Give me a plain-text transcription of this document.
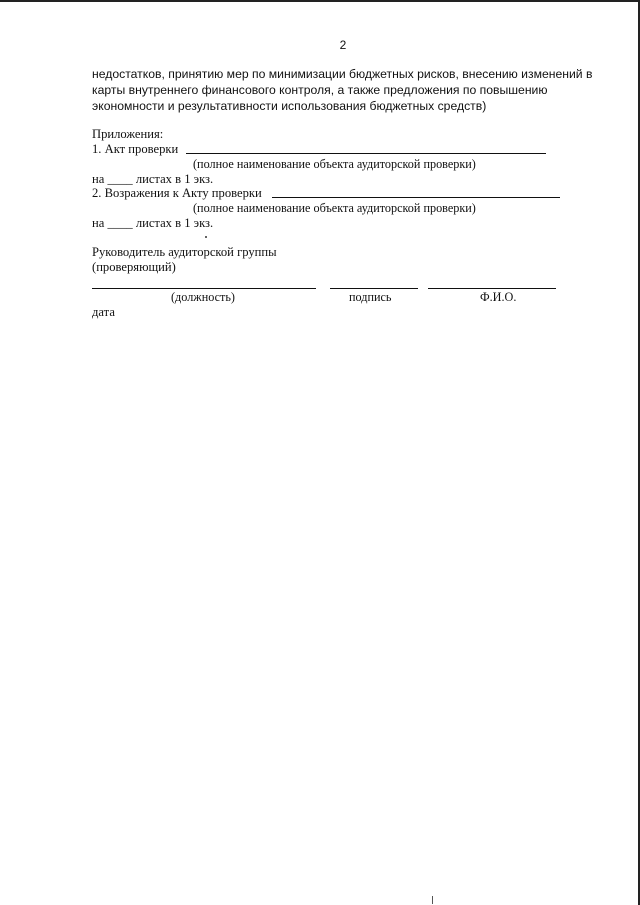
2
недостатков, принятию мер по минимизации бюджетных рисков, внесению изменений в
карты внутреннего финансового контроля, а также предложения по повышению
экономности и результативности использования бюджетных средств)
Приложения:
1. Акт проверки
(полное наименование объекта аудиторской проверки)
на ____ листах в 1 экз.
2. Возражения к Акту проверки
(полное наименование объекта аудиторской проверки)
на ____ листах в 1 экз.
Руководитель аудиторской группы
(проверяющий)
(должность)	подпись	Ф.И.О.
дата
